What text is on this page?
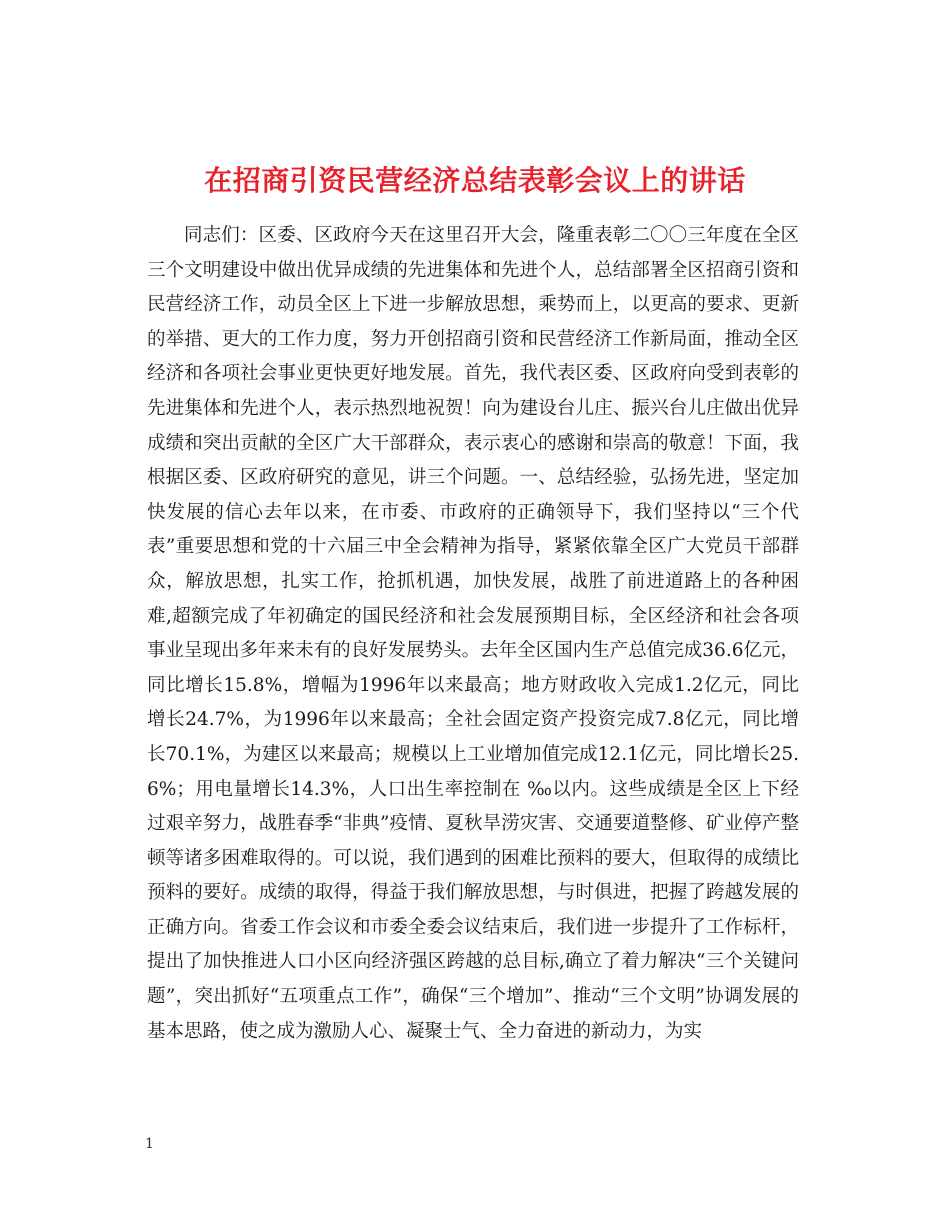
在招商引资民营经济总结表彰会议上的讲话

同志们：区委、区政府今天在这里召开大会，隆重表彰二〇〇三年度在全区三个文明建设中做出优异成绩的先进集体和先进个人，总结部署全区招商引资和民营经济工作，动员全区上下进一步解放思想，乘势而上，以更高的要求、更新的举措、更大的工作力度，努力开创招商引资和民营经济工作新局面，推动全区经济和各项社会事业更快更好地发展。首先，我代表区委、区政府向受到表彰的先进集体和先进个人，表示热烈地祝贺！向为建设台儿庄、振兴台儿庄做出优异成绩和突出贡献的全区广大干部群众，表示衷心的感谢和崇高的敬意！下面，我根据区委、区政府研究的意见，讲三个问题。一、总结经验，弘扬先进，坚定加快发展的信心去年以来，在市委、市政府的正确领导下，我们坚持以“三个代表”重要思想和党的十六届三中全会精神为指导，紧紧依靠全区广大党员干部群众，解放思想，扎实工作，抢抓机遇，加快发展，战胜了前进道路上的各种困难,超额完成了年初确定的国民经济和社会发展预期目标，全区经济和社会各项事业呈现出多年来未有的良好发展势头。去年全区国内生产总值完成36.6亿元，同比增长15.8%，增幅为1996年以来最高；地方财政收入完成1.2亿元，同比增长24.7%，为1996年以来最高；全社会固定资产投资完成7.8亿元，同比增长70.1%，为建区以来最高；规模以上工业增加值完成12.1亿元，同比增长25.6%；用电量增长14.3%，人口出生率控制在 ‰以内。这些成绩是全区上下经过艰辛努力，战胜春季“非典”疫情、夏秋旱涝灾害、交通要道整修、矿业停产整顿等诸多困难取得的。可以说，我们遇到的困难比预料的要大，但取得的成绩比预料的要好。成绩的取得，得益于我们解放思想，与时俱进，把握了跨越发展的正确方向。省委工作会议和市委全委会议结束后，我们进一步提升了工作标杆，提出了加快推进人口小区向经济强区跨越的总目标,确立了着力解决“三个关键问题”，突出抓好“五项重点工作”，确保“三个增加”、推动“三个文明”协调发展的基本思路，使之成为激励人心、凝聚士气、全力奋进的新动力，为实

1
